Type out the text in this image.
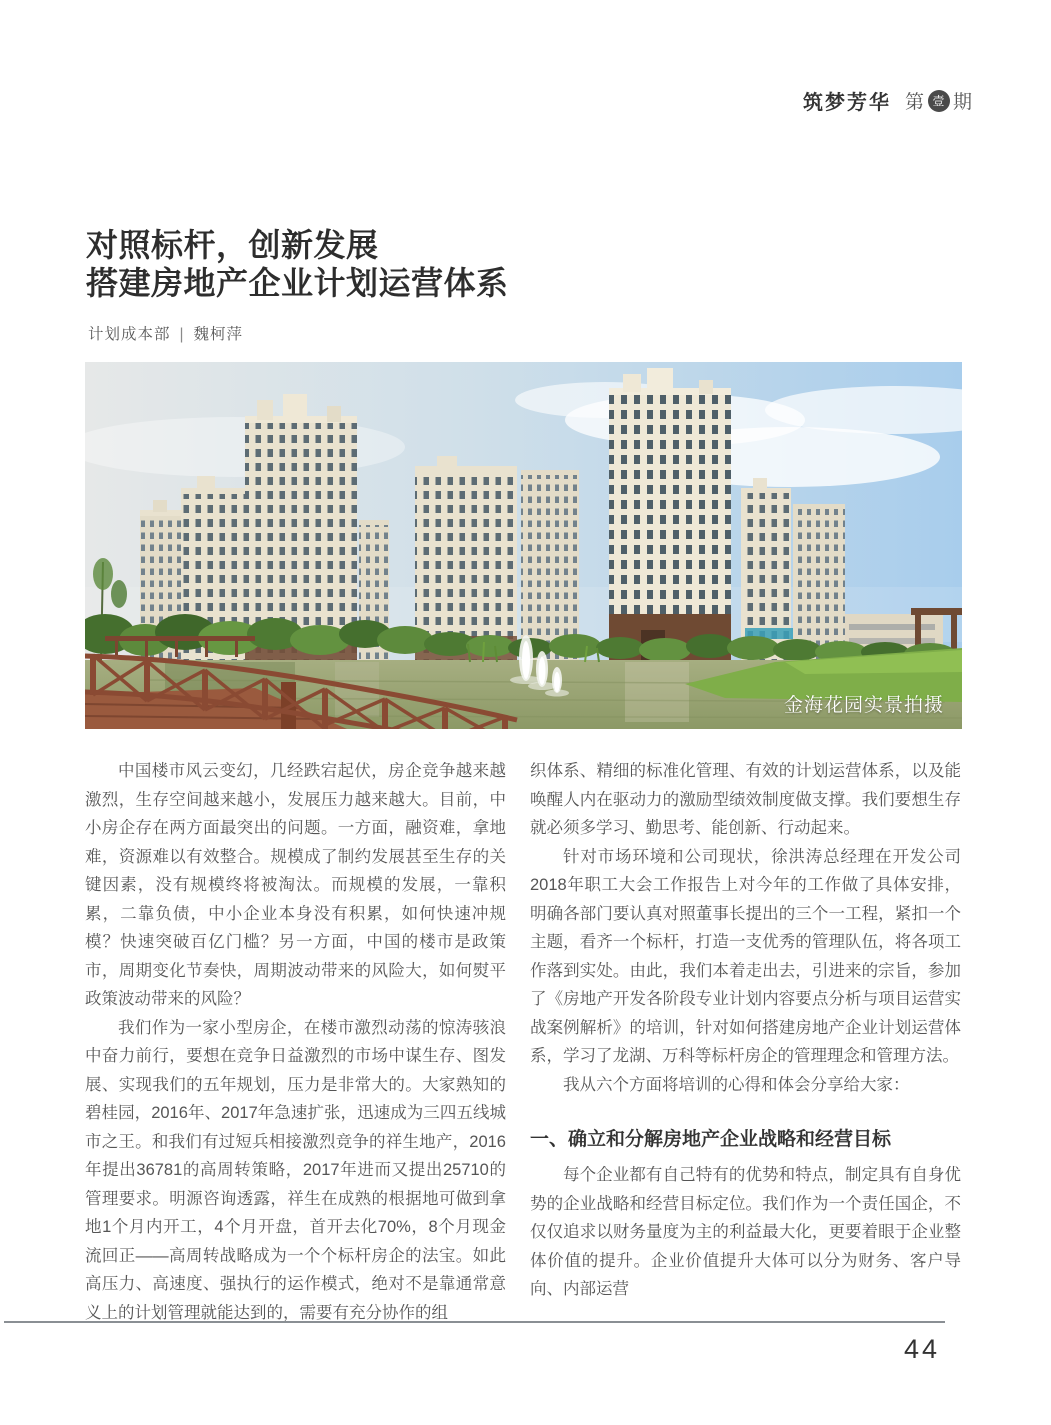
筑梦芳华 第 壹 期
对照标杆，创新发展
搭建房地产企业计划运营体系
计划成本部 | 魏柯萍
金海花园实景拍摄

中国楼市风云变幻，几经跌宕起伏，房企竞争越来越激烈，生存空间越来越小，发展压力越来越大。目前，中小房企存在两方面最突出的问题。一方面，融资难，拿地难，资源难以有效整合。规模成了制约发展甚至生存的关键因素，没有规模终将被淘汰。而规模的发展，一靠积累，二靠负债，中小企业本身没有积累，如何快速冲规模？快速突破百亿门槛？另一方面，中国的楼市是政策市，周期变化节奏快，周期波动带来的风险大，如何熨平政策波动带来的风险？

我们作为一家小型房企，在楼市激烈动荡的惊涛骇浪中奋力前行，要想在竞争日益激烈的市场中谋生存、图发展、实现我们的五年规划，压力是非常大的。大家熟知的碧桂园，2016年、2017年急速扩张，迅速成为三四五线城市之王。和我们有过短兵相接激烈竞争的祥生地产，2016年提出36781的高周转策略，2017年进而又提出25710的管理要求。明源咨询透露，祥生在成熟的根据地可做到拿地1个月内开工，4个月开盘，首开去化70%，8个月现金流回正——高周转战略成为一个个标杆房企的法宝。如此高压力、高速度、强执行的运作模式，绝对不是靠通常意义上的计划管理就能达到的，需要有充分协作的组

织体系、精细的标准化管理、有效的计划运营体系，以及能唤醒人内在驱动力的激励型绩效制度做支撑。我们要想生存就必须多学习、勤思考、能创新、行动起来。

针对市场环境和公司现状，徐洪涛总经理在开发公司2018年职工大会工作报告上对今年的工作做了具体安排，明确各部门要认真对照董事长提出的三个一工程，紧扣一个主题，看齐一个标杆，打造一支优秀的管理队伍，将各项工作落到实处。由此，我们本着走出去，引进来的宗旨，参加了《房地产开发各阶段专业计划内容要点分析与项目运营实战案例解析》的培训，针对如何搭建房地产企业计划运营体系，学习了龙湖、万科等标杆房企的管理理念和管理方法。

我从六个方面将培训的心得和体会分享给大家：

一、确立和分解房地产企业战略和经营目标

每个企业都有自己特有的优势和特点，制定具有自身优势的企业战略和经营目标定位。我们作为一个责任国企，不仅仅追求以财务量度为主的利益最大化，更要着眼于企业整体价值的提升。企业价值提升大体可以分为财务、客户导向、内部运营

44
